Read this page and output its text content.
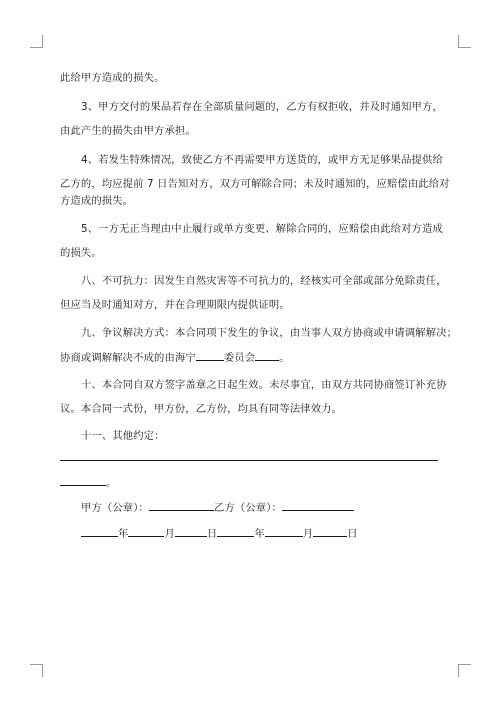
此给甲方造成的损失。
3、甲方交付的果品若存在全部质量问题的，乙方有权拒收，并及时通知甲方，
由此产生的损失由甲方承担。
4、若发生特殊情况，致使乙方不再需要甲方送货的，或甲方无足够果品提供给
乙方的，均应提前 7 日告知对方，双方可解除合同；未及时通知的，应赔偿由此给对
方造成的损失。
5、一方无正当理由中止履行或单方变更、解除合同的，应赔偿由此给对方造成
的损失。
八、不可抗力：因发生自然灾害等不可抗力的，经核实可全部或部分免除责任，
但应当及时通知对方，并在合理期限内提供证明。
九、争议解决方式：本合同项下发生的争议，由当事人双方协商或申请调解解决；
协商或调解解决不成的由海宁	委员会 。
十、本合同自双方签字盖章之日起生效。未尽事宜，由双方共同协商签订补充协
议。本合同一式份，甲方份，乙方份，均具有同等法律效力。
十一、其他约定：
。
甲方（公章）：	乙方（公章）：
年	月	日	年	月	日
